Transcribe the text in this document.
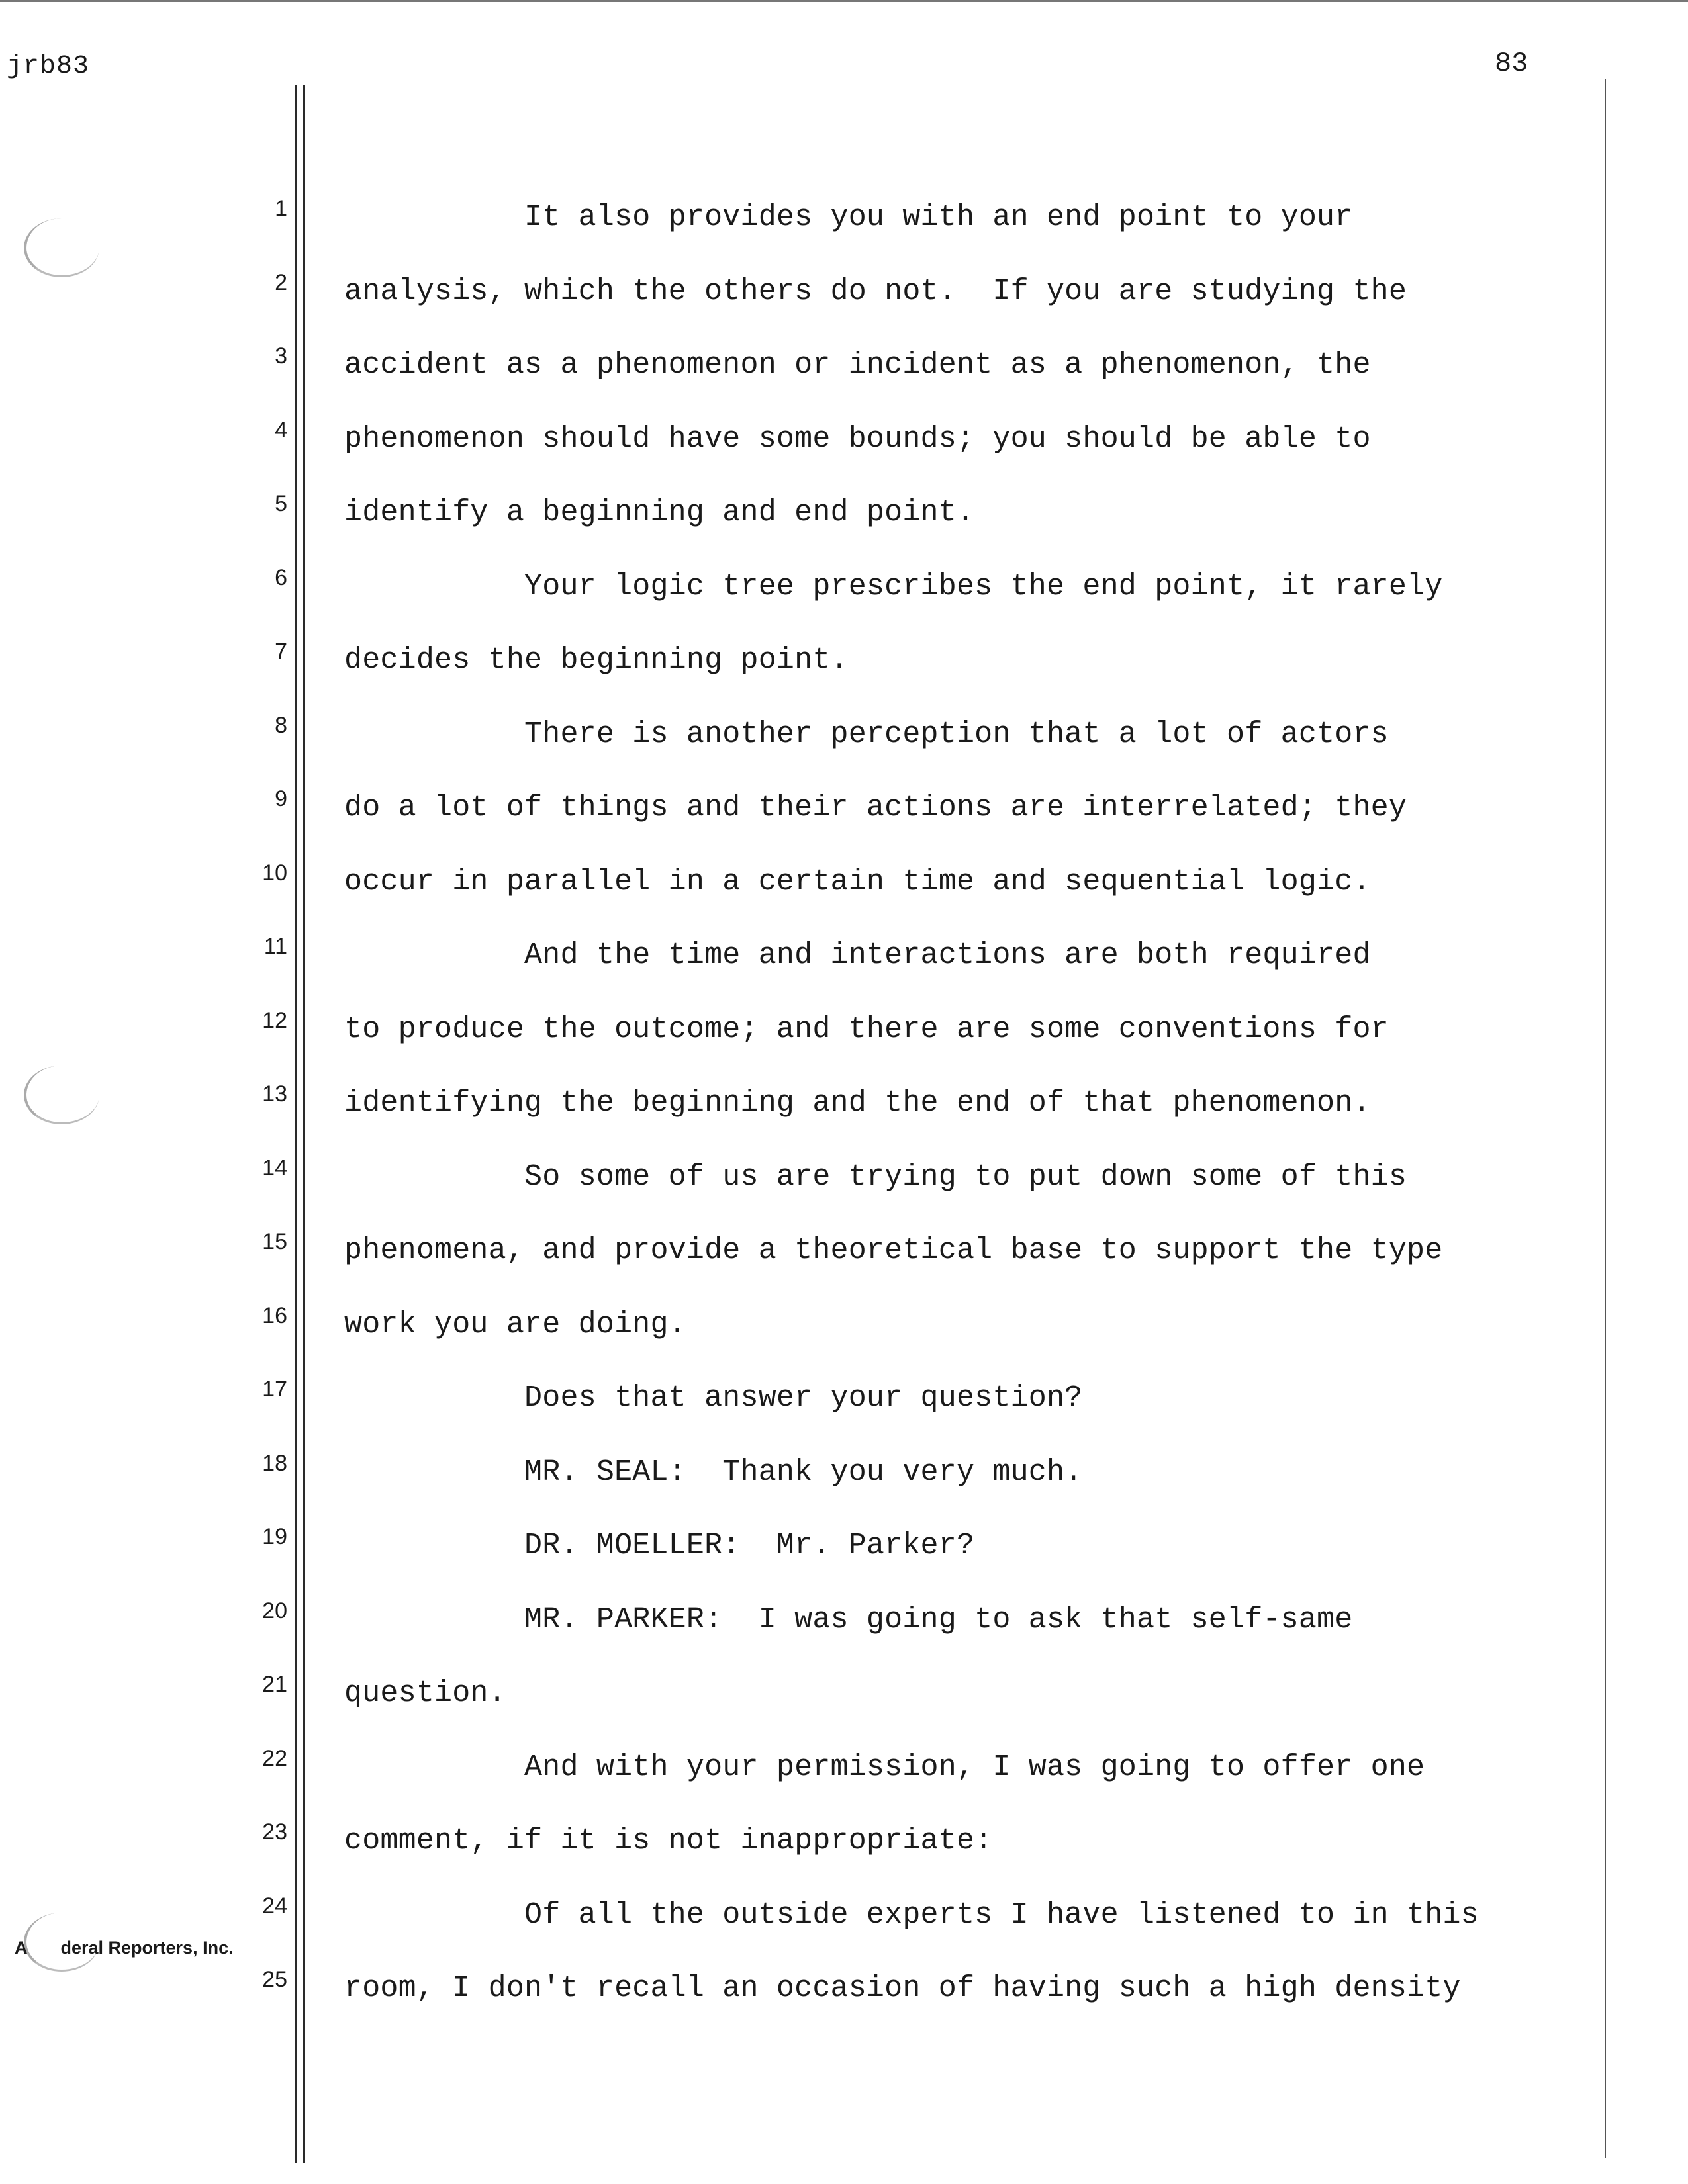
jrb83	83
1 It also provides you with an end point to your
2 analysis, which the others do not.  If you are studying the
3 accident as a phenomenon or incident as a phenomenon, the
4 phenomenon should have some bounds; you should be able to
5 identify a beginning and end point.
6 Your logic tree prescribes the end point, it rarely
7 decides the beginning point.
8 There is another perception that a lot of actors
9 do a lot of things and their actions are interrelated; they
10 occur in parallel in a certain time and sequential logic.
11 And the time and interactions are both required
12 to produce the outcome; and there are some conventions for
13 identifying the beginning and the end of that phenomenon.
14 So some of us are trying to put down some of this
15 phenomena, and provide a theoretical base to support the type
16 work you are doing.
17 Does that answer your question?
18 MR. SEAL:  Thank you very much.
19 DR. MOELLER:  Mr. Parker?
20 MR. PARKER:  I was going to ask that self-same
21 question.
22 And with your permission, I was going to offer one
23 comment, if it is not inappropriate:
24 Of all the outside experts I have listened to in this
25 room, I don't recall an occasion of having such a high density
A deral Reporters, Inc.
